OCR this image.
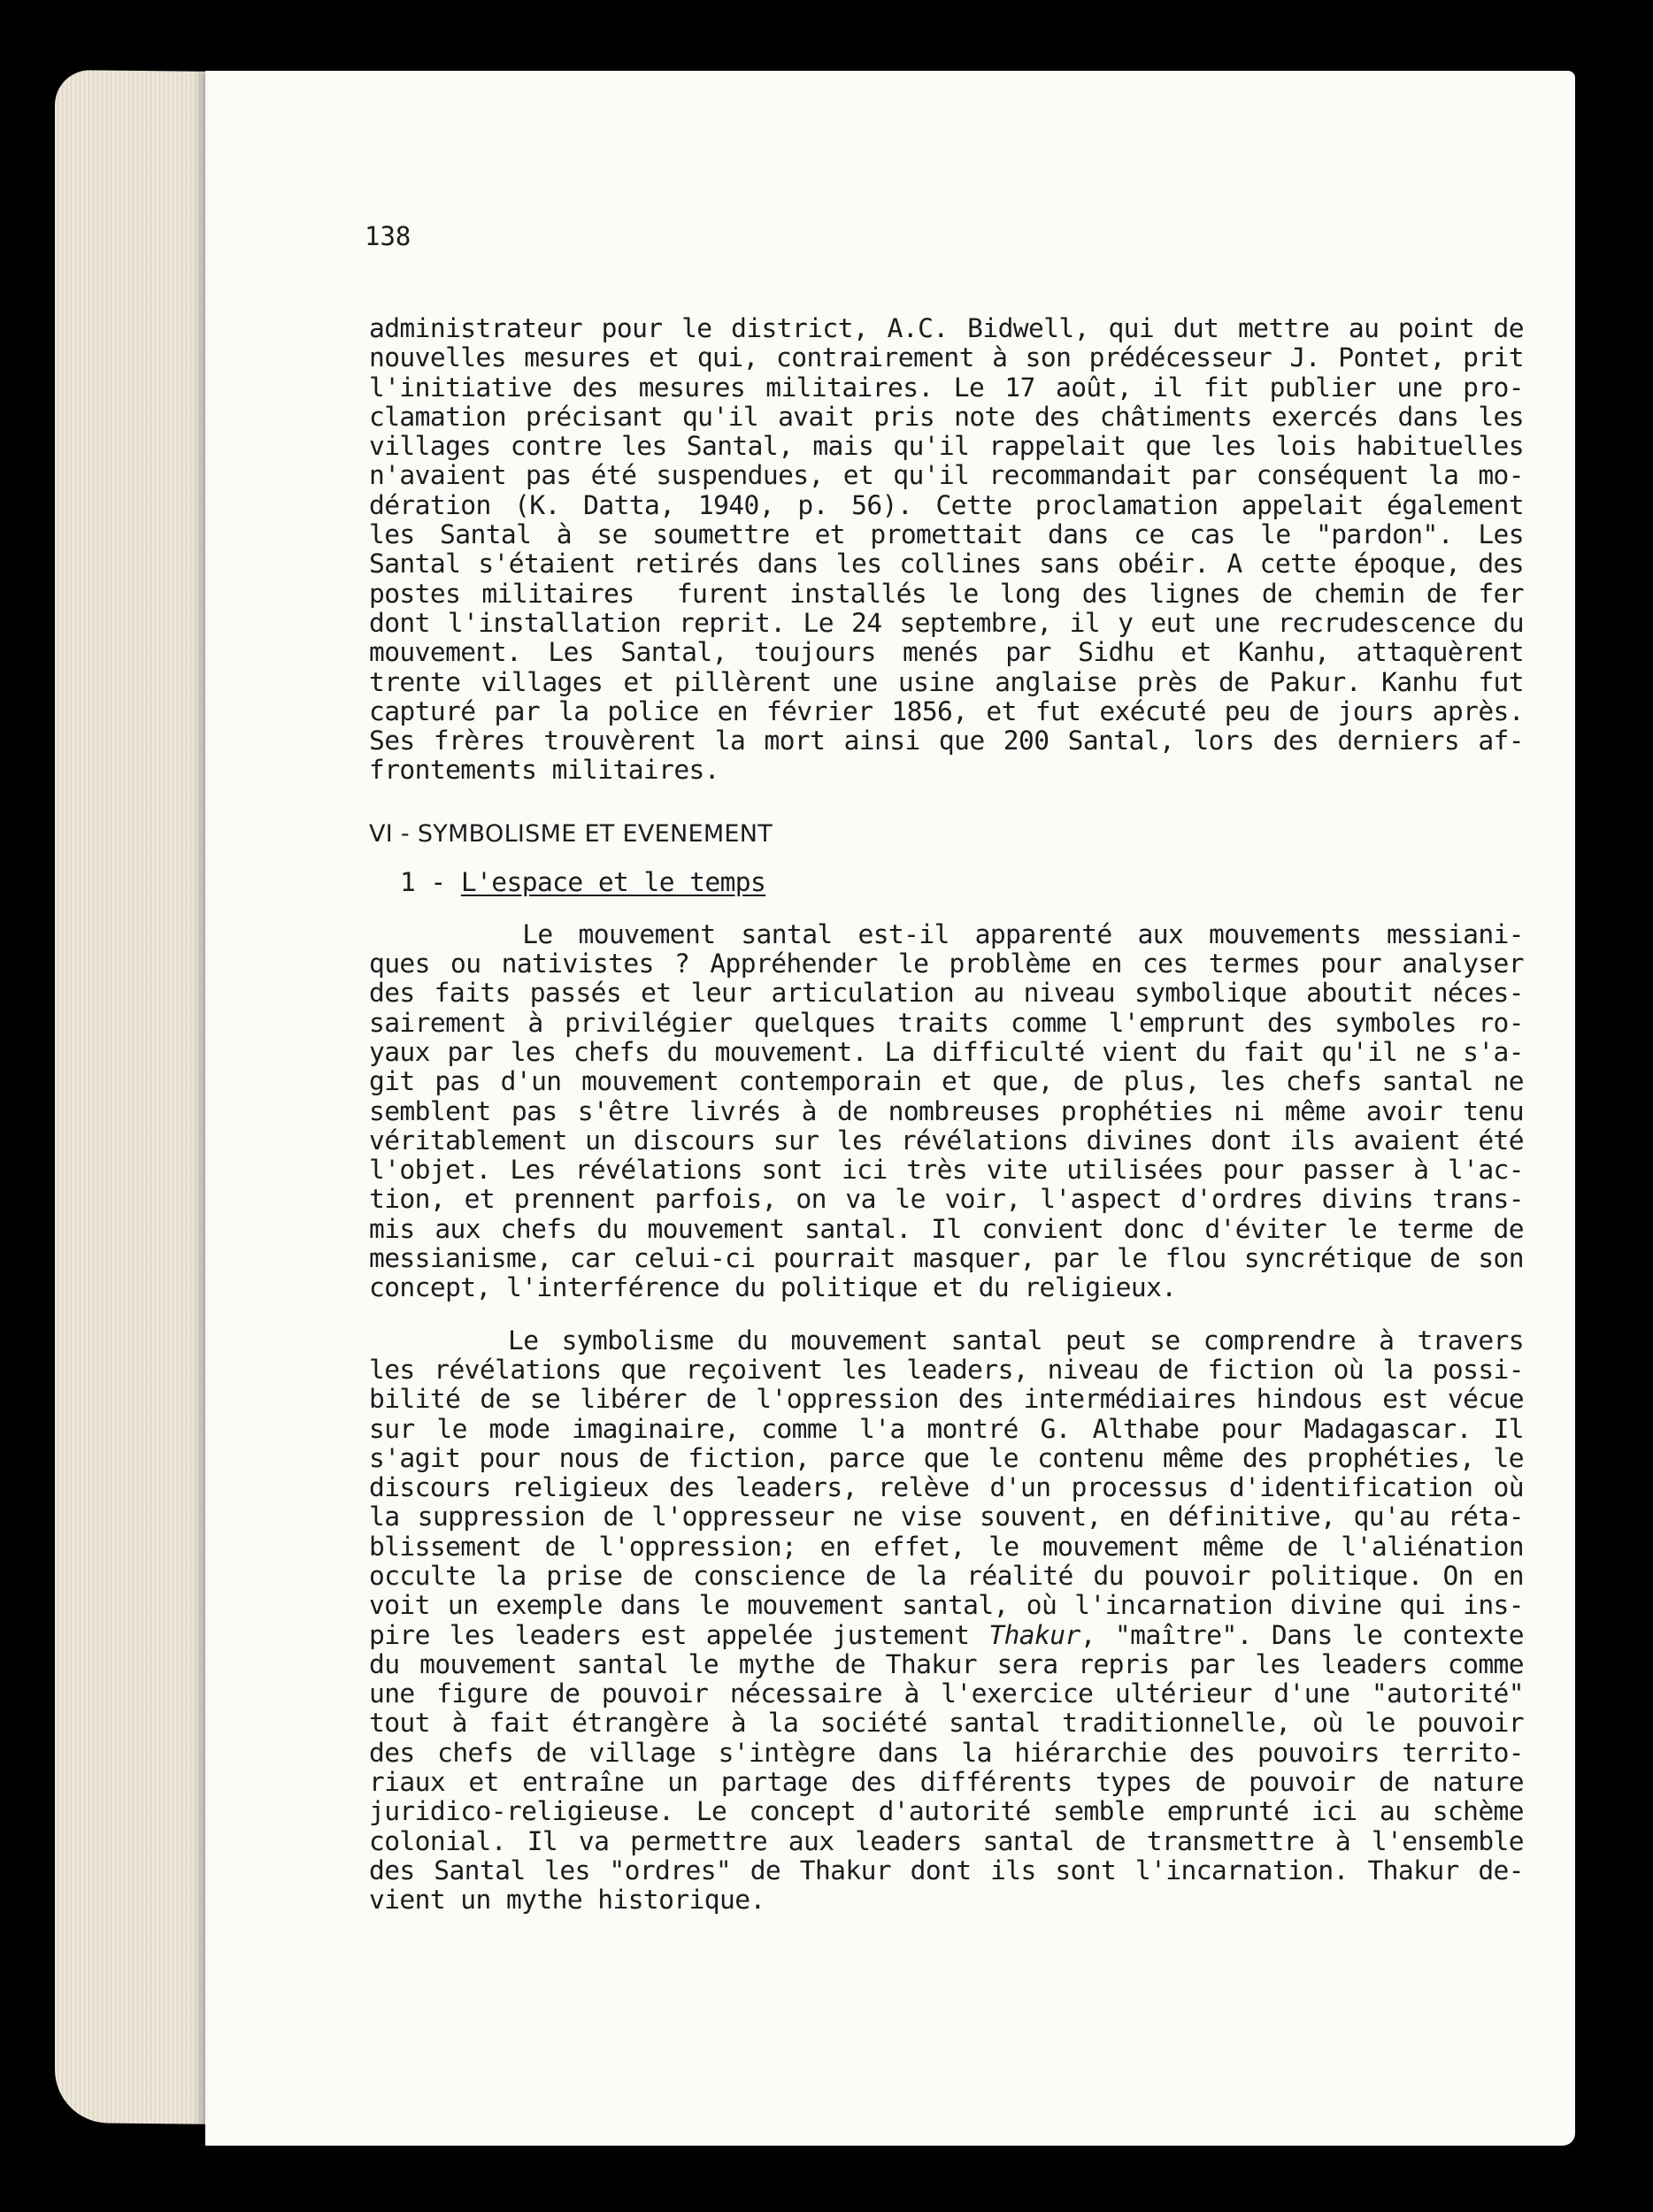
138
administrateur pour le district, A.C. Bidwell, qui dut mettre au point de
nouvelles mesures et qui, contrairement à son prédécesseur J. Pontet, prit
l'initiative des mesures militaires. Le 17 août, il fit publier une pro-
clamation précisant qu'il avait pris note des châtiments exercés dans les
villages contre les Santal, mais qu'il rappelait que les lois habituelles
n'avaient pas été suspendues, et qu'il recommandait par conséquent la mo-
dération (K. Datta, 1940, p. 56). Cette proclamation appelait également
les Santal à se soumettre et promettait dans ce cas le "pardon". Les
Santal s'étaient retirés dans les collines sans obéir. A cette époque, des
postes militaires  furent installés le long des lignes de chemin de fer
dont l'installation reprit. Le 24 septembre, il y eut une recrudescence du
mouvement. Les Santal, toujours menés par Sidhu et Kanhu, attaquèrent
trente villages et pillèrent une usine anglaise près de Pakur. Kanhu fut
capturé par la police en février 1856, et fut exécuté peu de jours après.
Ses frères trouvèrent la mort ainsi que 200 Santal, lors des derniers af-
frontements militaires.
VI - SYMBOLISME ET EVENEMENT
1 - L'espace et le temps
Le mouvement santal est-il apparenté aux mouvements messiani-
ques ou nativistes ? Appréhender le problème en ces termes pour analyser
des faits passés et leur articulation au niveau symbolique aboutit néces-
sairement à privilégier quelques traits comme l'emprunt des symboles ro-
yaux par les chefs du mouvement. La difficulté vient du fait qu'il ne s'a-
git pas d'un mouvement contemporain et que, de plus, les chefs santal ne
semblent pas s'être livrés à de nombreuses prophéties ni même avoir tenu
véritablement un discours sur les révélations divines dont ils avaient été
l'objet. Les révélations sont ici très vite utilisées pour passer à l'ac-
tion, et prennent parfois, on va le voir, l'aspect d'ordres divins trans-
mis aux chefs du mouvement santal. Il convient donc d'éviter le terme de
messianisme, car celui-ci pourrait masquer, par le flou syncrétique de son
concept, l'interférence du politique et du religieux.
Le symbolisme du mouvement santal peut se comprendre à travers
les révélations que reçoivent les leaders, niveau de fiction où la possi-
bilité de se libérer de l'oppression des intermédiaires hindous est vécue
sur le mode imaginaire, comme l'a montré G. Althabe pour Madagascar. Il
s'agit pour nous de fiction, parce que le contenu même des prophéties, le
discours religieux des leaders, relève d'un processus d'identification où
la suppression de l'oppresseur ne vise souvent, en définitive, qu'au réta-
blissement de l'oppression; en effet, le mouvement même de l'aliénation
occulte la prise de conscience de la réalité du pouvoir politique. On en
voit un exemple dans le mouvement santal, où l'incarnation divine qui ins-
pire les leaders est appelée justement Thakur, "maître". Dans le contexte
du mouvement santal le mythe de Thakur sera repris par les leaders comme
une figure de pouvoir nécessaire à l'exercice ultérieur d'une "autorité"
tout à fait étrangère à la société santal traditionnelle, où le pouvoir
des chefs de village s'intègre dans la hiérarchie des pouvoirs territo-
riaux et entraîne un partage des différents types de pouvoir de nature
juridico-religieuse. Le concept d'autorité semble emprunté ici au schème
colonial. Il va permettre aux leaders santal de transmettre à l'ensemble
des Santal les "ordres" de Thakur dont ils sont l'incarnation. Thakur de-
vient un mythe historique.
